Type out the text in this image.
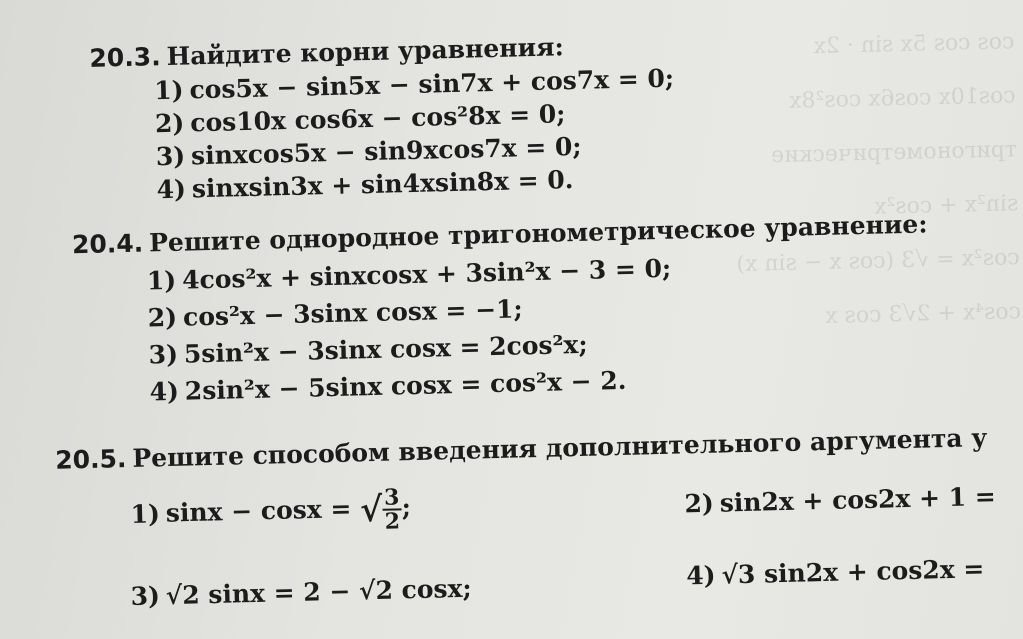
cos cos 5x sin · 2x
cos10x cos6x cos²8x
тригонометрические
sin²x + cos²x
cos²x = √3 (cos x − sin x)
cos⁴x + 2√3 cos x
20.3. Найдите корни уравнения:
1) cos5x − sin5x − sin7x + cos7x = 0;
2) cos10x cos6x − cos²8x = 0;
3) sinxcos5x − sin9xcos7x = 0;
4) sinxsin3x + sin4xsin8x = 0.
20.4. Решите однородное тригонометрическое уравнение:
1) 4cos²x + sinxcosx + 3sin²x − 3 = 0;
2) cos²x − 3sinx cosx = −1;
3) 5sin²x − 3sinx cosx = 2cos²x;
4) 2sin²x − 5sinx cosx = cos²x − 2.
20.5. Решите способом введения дополнительного аргумента у
1) sinx − cosx = √
$\frac{3}{2}$ ;	2) sin2x + cos2x + 1 =
3) √2 sinx = 2 − √2 cosx;	4) √3 sin2x + cos2x =
